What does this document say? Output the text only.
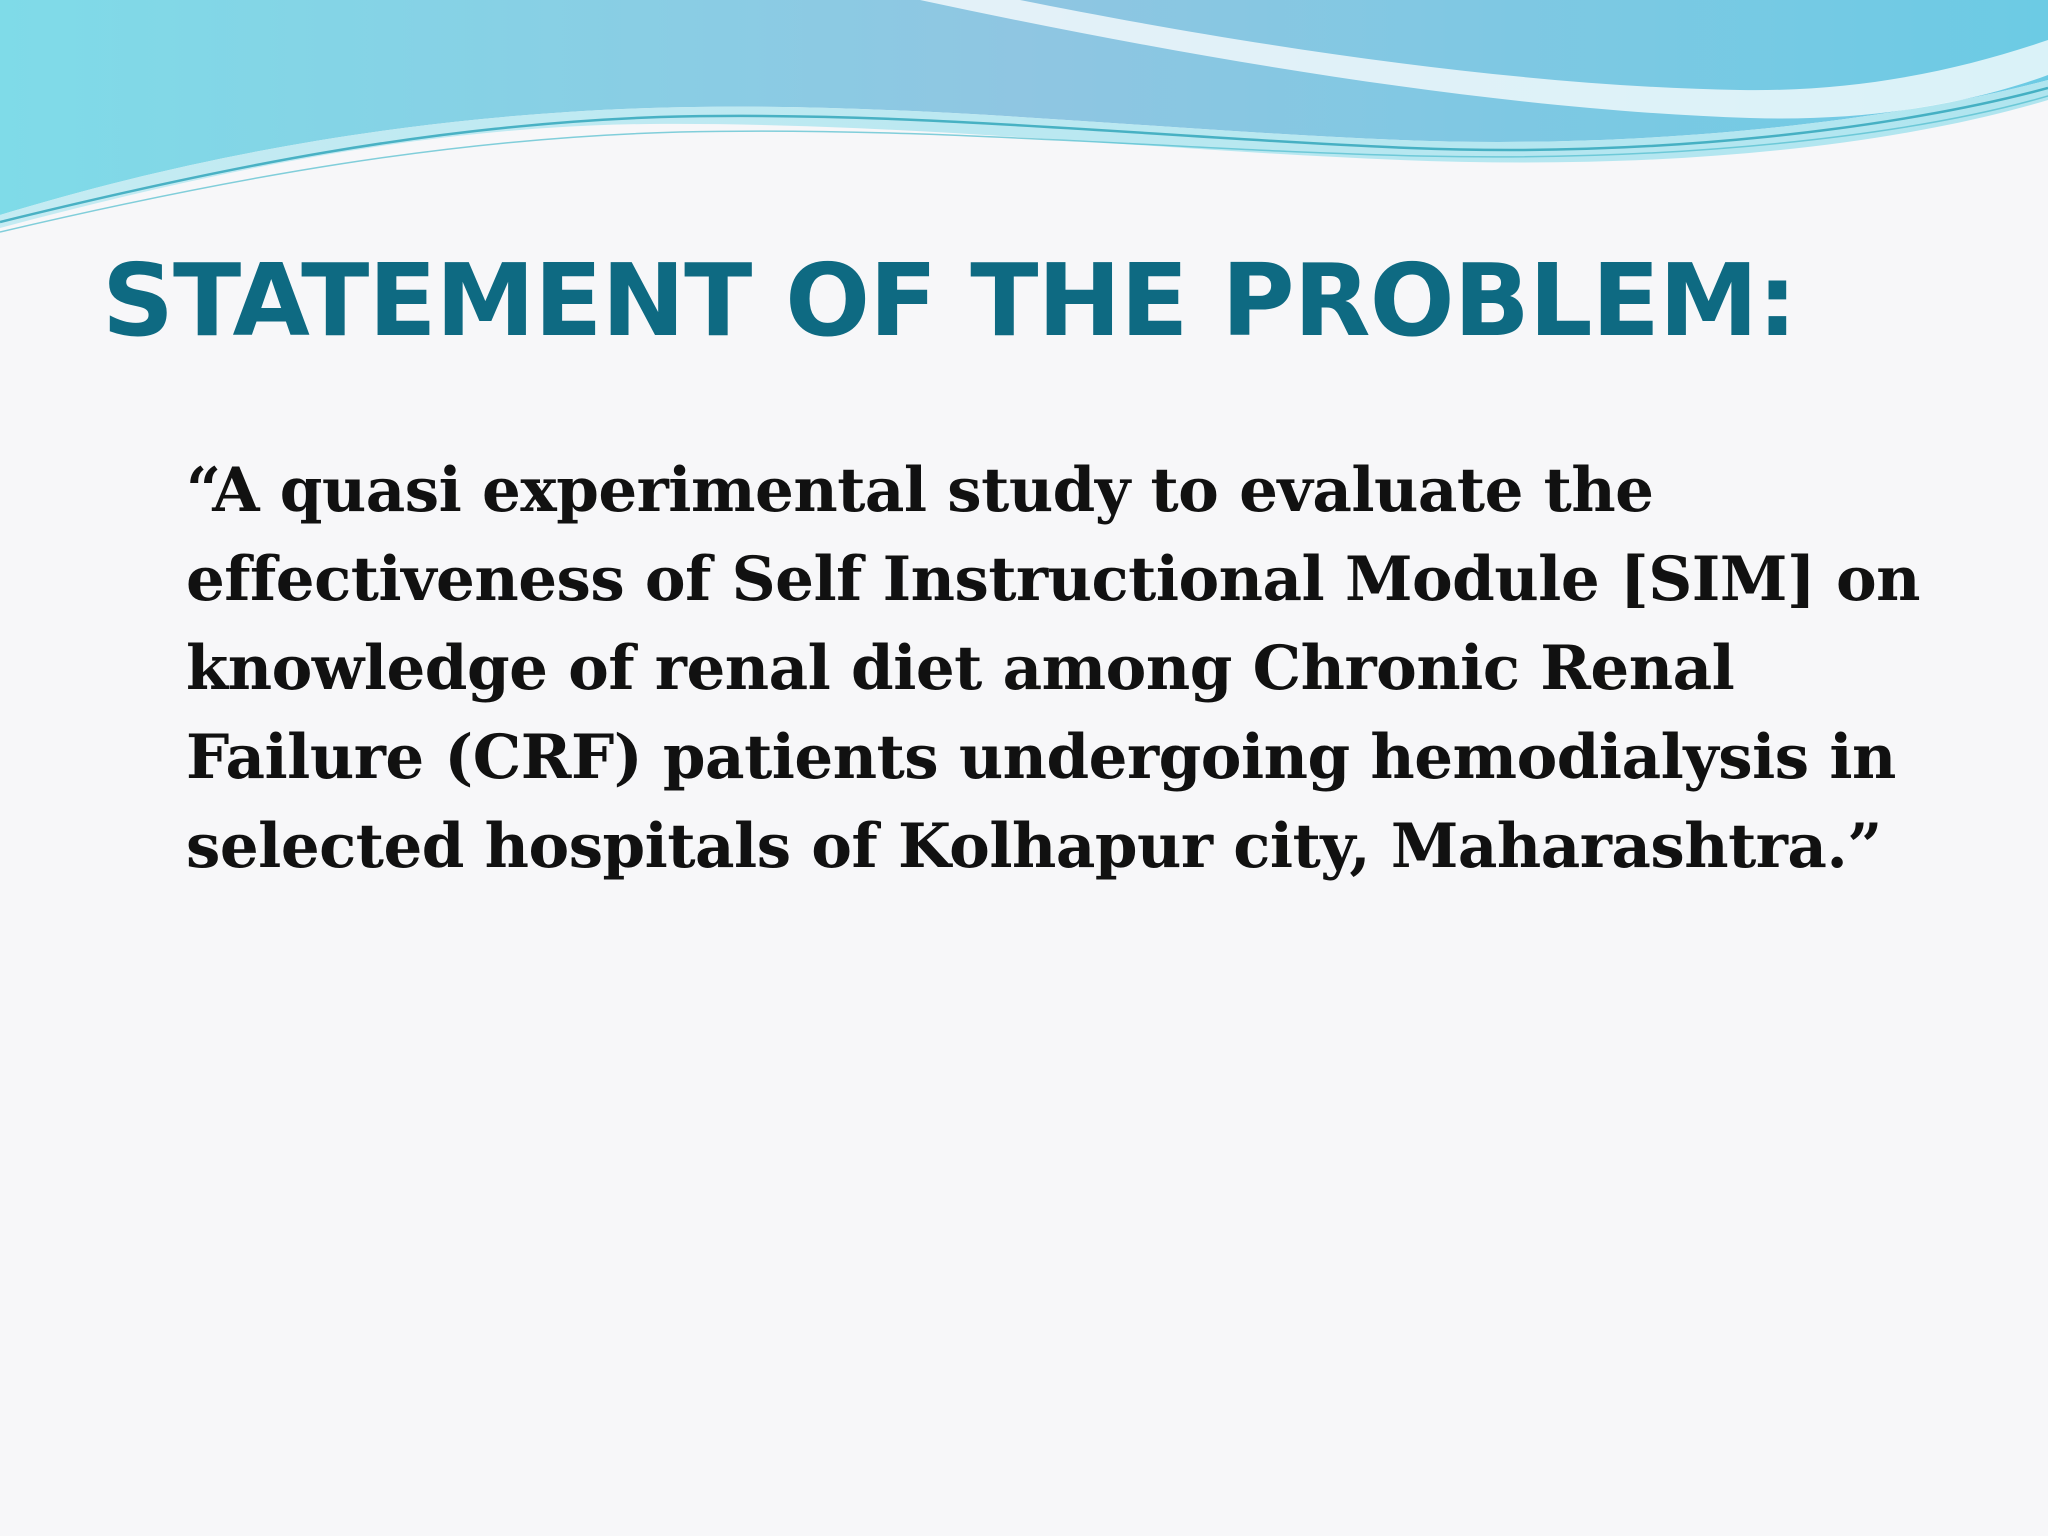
STATEMENT OF THE PROBLEM:

“A quasi experimental study to evaluate the effectiveness of Self Instructional Module [SIM] on knowledge of renal diet among Chronic Renal Failure (CRF) patients undergoing hemodialysis in selected hospitals of Kolhapur city, Maharashtra.”
